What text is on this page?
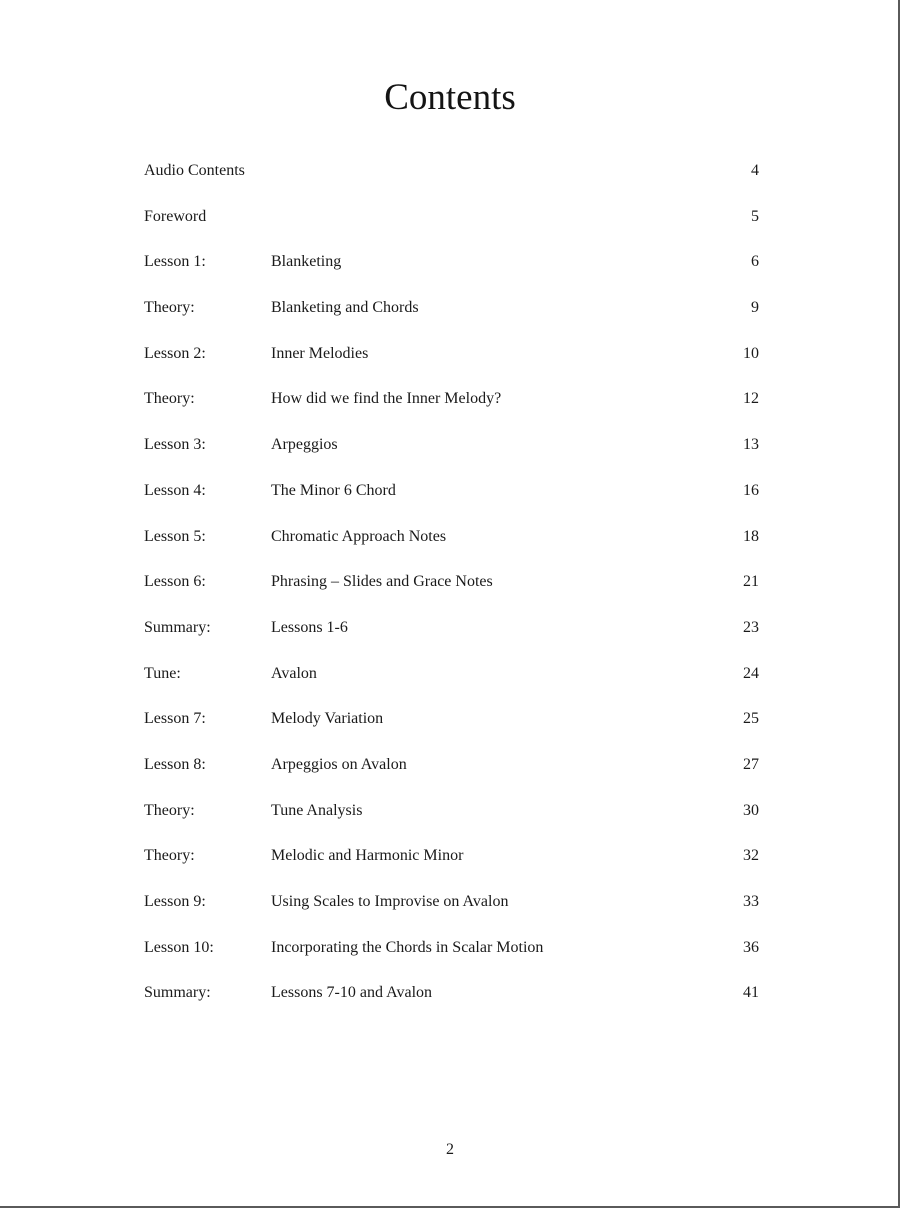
Contents
Audio Contents	4
Foreword	5
Lesson 1:	Blanketing	6
Theory:	Blanketing and Chords	9
Lesson 2:	Inner Melodies	10
Theory:	How did we find the Inner Melody?	12
Lesson 3:	Arpeggios	13
Lesson 4:	The Minor 6 Chord	16
Lesson 5:	Chromatic Approach Notes	18
Lesson 6:	Phrasing – Slides and Grace Notes	21
Summary:	Lessons 1-6	23
Tune:	Avalon	24
Lesson 7:	Melody Variation	25
Lesson 8:	Arpeggios on Avalon	27
Theory:	Tune Analysis	30
Theory:	Melodic and Harmonic Minor	32
Lesson 9:	Using Scales to Improvise on Avalon	33
Lesson 10:	Incorporating the Chords in Scalar Motion	36
Summary:	Lessons 7-10 and Avalon	41
2
